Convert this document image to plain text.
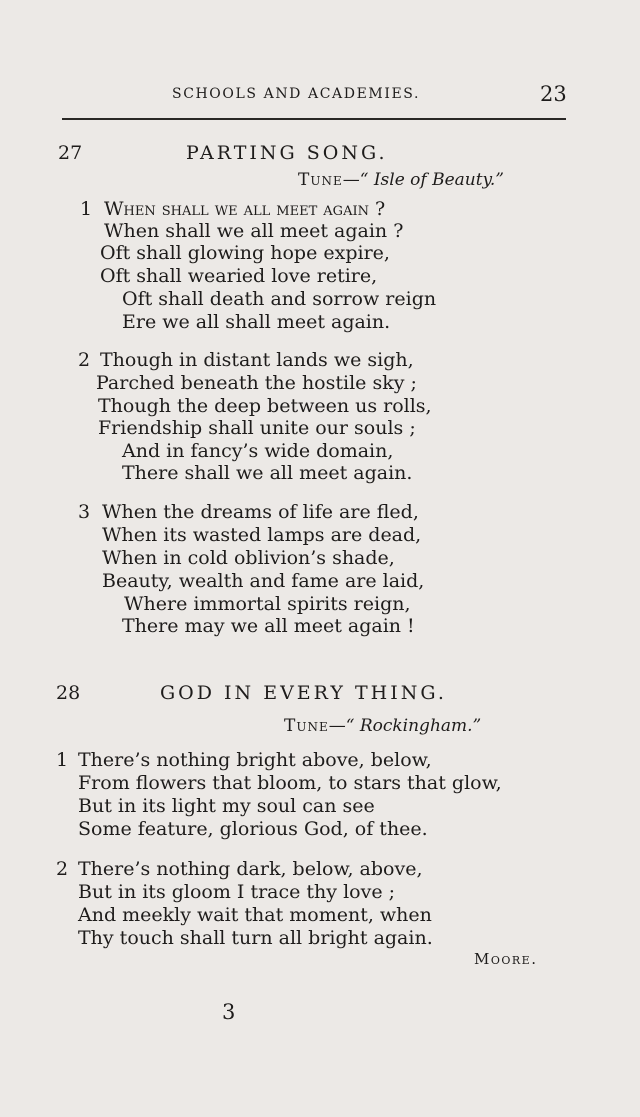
SCHOOLS AND ACADEMIES.	23
27	PARTING SONG.
Tune—“ Isle of Beauty.”
1 When shall we all meet again ?
When shall we all meet again ?
Oft shall glowing hope expire,
Oft shall wearied love retire,
Oft shall death and sorrow reign
Ere we all shall meet again.
2 Though in distant lands we sigh,
Parched beneath the hostile sky ;
Though the deep between us rolls,
Friendship shall unite our souls ;
And in fancy’s wide domain,
There shall we all meet again.
3 When the dreams of life are fled,
When its wasted lamps are dead,
When in cold oblivion’s shade,
Beauty, wealth and fame are laid,
Where immortal spirits reign,
There may we all meet again !
28	GOD IN EVERY THING.
Tune—“ Rockingham.”
1 There’s nothing bright above, below,
From flowers that bloom, to stars that glow,
But in its light my soul can see
Some feature, glorious God, of thee.
2 There’s nothing dark, below, above,
But in its gloom I trace thy love ;
And meekly wait that moment, when
Thy touch shall turn all bright again.
Moore.
3
